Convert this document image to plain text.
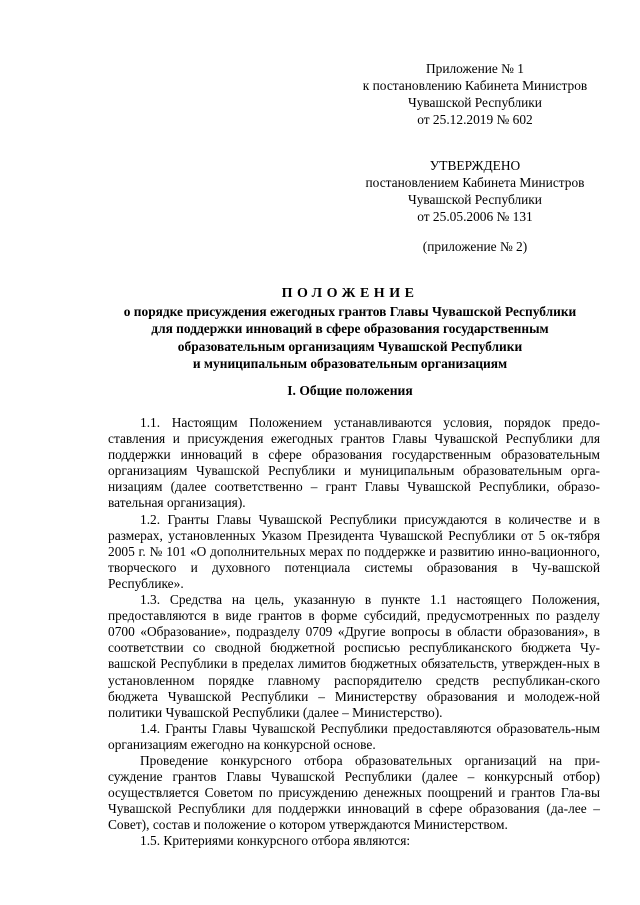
Приложение № 1
к постановлению Кабинета Министров
Чувашской Республики
от 25.12.2019 № 602
УТВЕРЖДЕНО
постановлением Кабинета Министров
Чувашской Республики
от 25.05.2006 № 131
(приложение № 2)
ПОЛОЖЕНИЕ
о порядке присуждения ежегодных грантов Главы Чувашской Республики
для поддержки инноваций в сфере образования государственным
образовательным организациям Чувашской Республики
и муниципальным образовательным организациям
I. Общие положения

1.1. Настоящим Положением устанавливаются условия, порядок предо-ставления и присуждения ежегодных грантов Главы Чувашской Республики для поддержки инноваций в сфере образования государственным образовательным организациям Чувашской Республики и муниципальным образовательным орга-низациям (далее соответственно – грант Главы Чувашской Республики, образо-вательная организация).

1.2. Гранты Главы Чувашской Республики присуждаются в количестве и в размерах, установленных Указом Президента Чувашской Республики от 5 ок-тября 2005 г. № 101 «О дополнительных мерах по поддержке и развитию инно-вационного, творческого и духовного потенциала системы образования в Чу-вашской Республике».

1.3. Средства на цель, указанную в пункте 1.1 настоящего Положения, предоставляются в виде грантов в форме субсидий, предусмотренных по разделу 0700 «Образование», подразделу 0709 «Другие вопросы в области образования», в соответствии со сводной бюджетной росписью республиканского бюджета Чу-вашской Республики в пределах лимитов бюджетных обязательств, утвержден-ных в установленном порядке главному распорядителю средств республикан-ского бюджета Чувашской Республики – Министерству образования и молодеж-ной политики Чувашской Республики (далее – Министерство).

1.4. Гранты Главы Чувашской Республики предоставляются образователь-ным организациям ежегодно на конкурсной основе.

Проведение конкурсного отбора образовательных организаций на при-суждение грантов Главы Чувашской Республики (далее – конкурсный отбор) осуществляется Советом по присуждению денежных поощрений и грантов Гла-вы Чувашской Республики для поддержки инноваций в сфере образования (да-лее – Совет), состав и положение о котором утверждаются Министерством.

1.5. Критериями конкурсного отбора являются:
